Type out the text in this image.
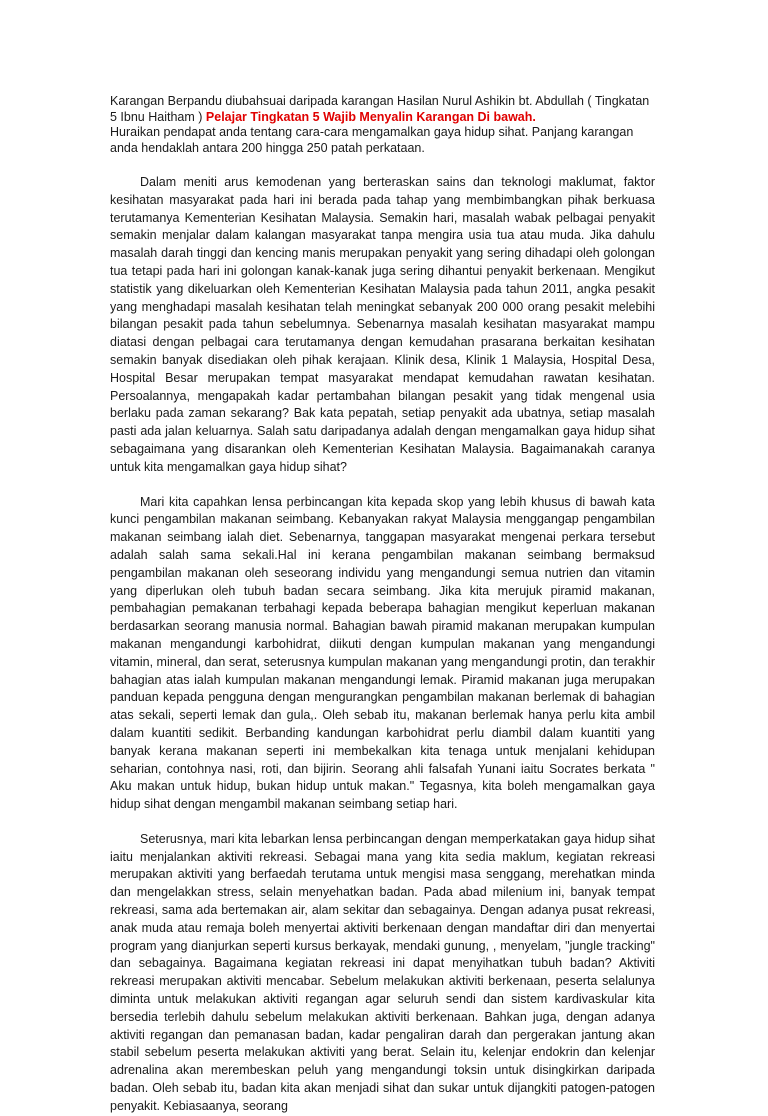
Karangan Berpandu diubahsuai daripada karangan Hasilan Nurul Ashikin bt. Abdullah ( Tingkatan 5 Ibnu Haitham ) Pelajar Tingkatan 5 Wajib Menyalin Karangan Di bawah.
Huraikan pendapat anda tentang cara-cara mengamalkan gaya hidup sihat. Panjang karangan anda hendaklah antara 200 hingga 250 patah perkataan.

Dalam meniti arus kemodenan yang berteraskan sains dan teknologi maklumat, faktor kesihatan masyarakat pada hari ini berada pada tahap yang membimbangkan pihak berkuasa terutamanya Kementerian Kesihatan Malaysia. Semakin hari, masalah wabak pelbagai penyakit semakin menjalar dalam kalangan masyarakat tanpa mengira usia tua atau muda. Jika dahulu masalah darah tinggi dan kencing manis merupakan penyakit yang sering dihadapi oleh golongan tua tetapi pada hari ini golongan kanak-kanak juga sering dihantui penyakit berkenaan. Mengikut statistik yang dikeluarkan oleh Kementerian Kesihatan Malaysia pada tahun 2011, angka pesakit yang menghadapi masalah kesihatan telah meningkat sebanyak 200 000 orang pesakit melebihi bilangan pesakit pada tahun sebelumnya. Sebenarnya masalah kesihatan masyarakat mampu diatasi dengan pelbagai cara terutamanya dengan kemudahan prasarana berkaitan kesihatan semakin banyak disediakan oleh pihak kerajaan. Klinik desa, Klinik 1 Malaysia, Hospital Desa, Hospital Besar merupakan tempat masyarakat mendapat kemudahan rawatan kesihatan. Persoalannya, mengapakah kadar pertambahan bilangan pesakit yang tidak mengenal usia berlaku pada zaman sekarang? Bak kata pepatah, setiap penyakit ada ubatnya, setiap masalah pasti ada jalan keluarnya. Salah satu daripadanya adalah dengan mengamalkan gaya hidup sihat sebagaimana yang disarankan oleh Kementerian Kesihatan Malaysia. Bagaimanakah caranya untuk kita mengamalkan gaya hidup sihat?

Mari kita capahkan lensa perbincangan kita kepada skop yang lebih khusus di bawah kata kunci pengambilan makanan seimbang. Kebanyakan rakyat Malaysia menggangap pengambilan makanan seimbang ialah diet. Sebenarnya, tanggapan masyarakat mengenai perkara tersebut adalah salah sama sekali.Hal ini kerana pengambilan makanan seimbang bermaksud pengambilan makanan oleh seseorang individu yang mengandungi semua nutrien dan vitamin yang diperlukan oleh tubuh badan secara seimbang. Jika kita merujuk piramid makanan, pembahagian pemakanan terbahagi kepada beberapa bahagian mengikut keperluan makanan berdasarkan seorang manusia normal. Bahagian bawah piramid makanan merupakan kumpulan makanan mengandungi karbohidrat, diikuti dengan kumpulan makanan yang mengandungi vitamin, mineral, dan serat, seterusnya kumpulan makanan yang mengandungi protin, dan terakhir bahagian atas ialah kumpulan makanan mengandungi lemak. Piramid makanan juga merupakan panduan kepada pengguna dengan mengurangkan pengambilan makanan berlemak di bahagian atas sekali, seperti lemak dan gula,. Oleh sebab itu, makanan berlemak hanya perlu kita ambil dalam kuantiti sedikit. Berbanding kandungan karbohidrat perlu diambil dalam kuantiti yang banyak kerana makanan seperti ini membekalkan kita tenaga untuk menjalani kehidupan seharian, contohnya nasi, roti, dan bijirin. Seorang ahli falsafah Yunani iaitu Socrates berkata " Aku makan untuk hidup, bukan hidup untuk makan." Tegasnya, kita boleh mengamalkan gaya hidup sihat dengan mengambil makanan seimbang setiap hari.

Seterusnya, mari kita lebarkan lensa perbincangan dengan memperkatakan gaya hidup sihat iaitu menjalankan aktiviti rekreasi. Sebagai mana yang kita sedia maklum, kegiatan rekreasi merupakan aktiviti yang berfaedah terutama untuk mengisi masa senggang, merehatkan minda dan mengelakkan stress, selain menyehatkan badan. Pada abad milenium ini, banyak tempat rekreasi, sama ada bertemakan air, alam sekitar dan sebagainya. Dengan adanya pusat rekreasi, anak muda atau remaja boleh menyertai aktiviti berkenaan dengan mandaftar diri dan menyertai program yang dianjurkan seperti kursus berkayak, mendaki gunung, , menyelam, "jungle tracking" dan sebagainya. Bagaimana kegiatan rekreasi ini dapat menyihatkan tubuh badan? Aktiviti rekreasi merupakan aktiviti mencabar. Sebelum melakukan aktiviti berkenaan, peserta selalunya diminta untuk melakukan aktiviti regangan agar seluruh sendi dan sistem kardivaskular kita bersedia terlebih dahulu sebelum melakukan aktiviti berkenaan. Bahkan juga, dengan adanya aktiviti regangan dan pemanasan badan, kadar pengaliran darah dan pergerakan jantung akan stabil sebelum peserta melakukan aktiviti yang berat. Selain itu, kelenjar endokrin dan kelenjar adrenalina akan merembeskan peluh yang mengandungi toksin untuk disingkirkan daripada badan. Oleh sebab itu, badan kita akan menjadi sihat dan sukar untuk dijangkiti patogen-patogen penyakit. Kebiasaanya, seorang
